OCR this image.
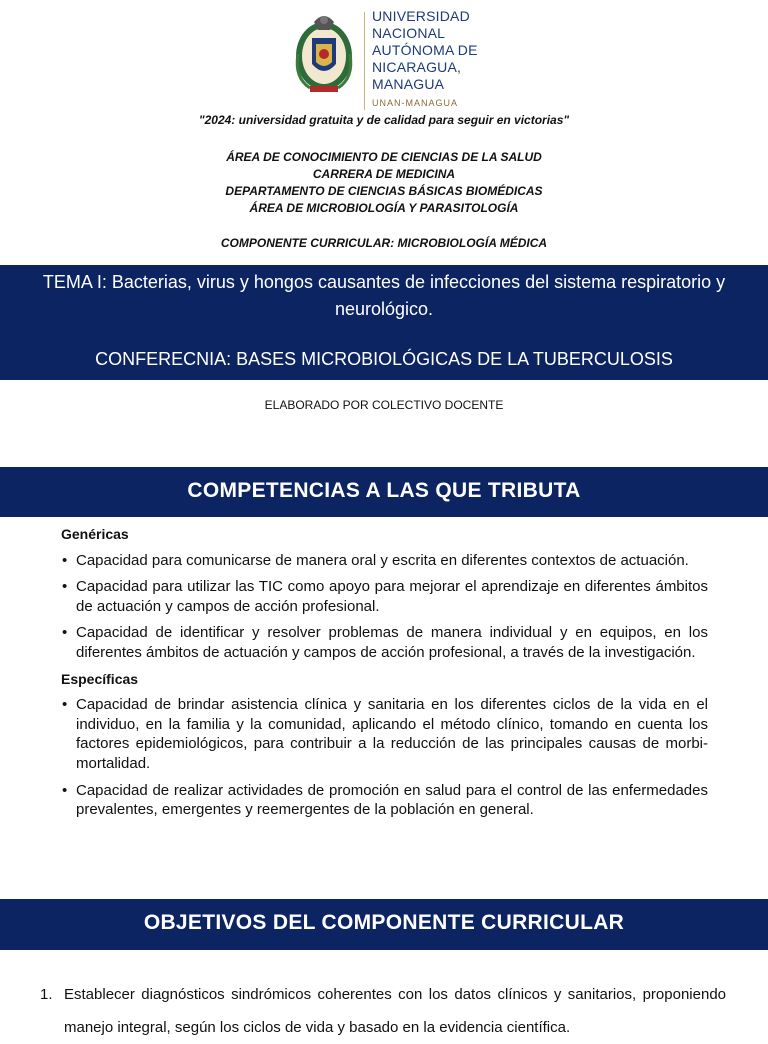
UNIVERSIDAD
NACIONAL
AUTÓNOMA DE
NICARAGUA,
MANAGUA
UNAN-MANAGUA
"2024: universidad gratuita y de calidad para seguir en victorias"
ÁREA DE CONOCIMIENTO DE CIENCIAS DE LA SALUD
CARRERA DE MEDICINA
DEPARTAMENTO DE CIENCIAS BÁSICAS BIOMÉDICAS
ÁREA DE MICROBIOLOGÍA Y PARASITOLOGÍA
COMPONENTE CURRICULAR: MICROBIOLOGÍA MÉDICA
TEMA I: Bacterias, virus y hongos causantes de infecciones del sistema respiratorio y neurológico.
CONFERECNIA: BASES MICROBIOLÓGICAS DE LA TUBERCULOSIS
ELABORADO POR COLECTIVO DOCENTE
COMPETENCIAS A LAS QUE TRIBUTA
Genéricas
• Capacidad para comunicarse de manera oral y escrita en diferentes contextos de actuación.
• Capacidad para utilizar las TIC como apoyo para mejorar el aprendizaje en diferentes ámbitos de actuación y campos de acción profesional.
• Capacidad de identificar y resolver problemas de manera individual y en equipos, en los diferentes ámbitos de actuación y campos de acción profesional, a través de la investigación.
Específicas
• Capacidad de brindar asistencia clínica y sanitaria en los diferentes ciclos de la vida en el individuo, en la familia y la comunidad, aplicando el método clínico, tomando en cuenta los factores epidemiológicos, para contribuir a la reducción de las principales causas de morbi-mortalidad.
• Capacidad de realizar actividades de promoción en salud para el control de las enfermedades prevalentes, emergentes y reemergentes de la población en general.
OBJETIVOS DEL COMPONENTE CURRICULAR
1. Establecer diagnósticos sindrómicos coherentes con los datos clínicos y sanitarios, proponiendo manejo integral, según los ciclos de vida y basado en la evidencia científica.
